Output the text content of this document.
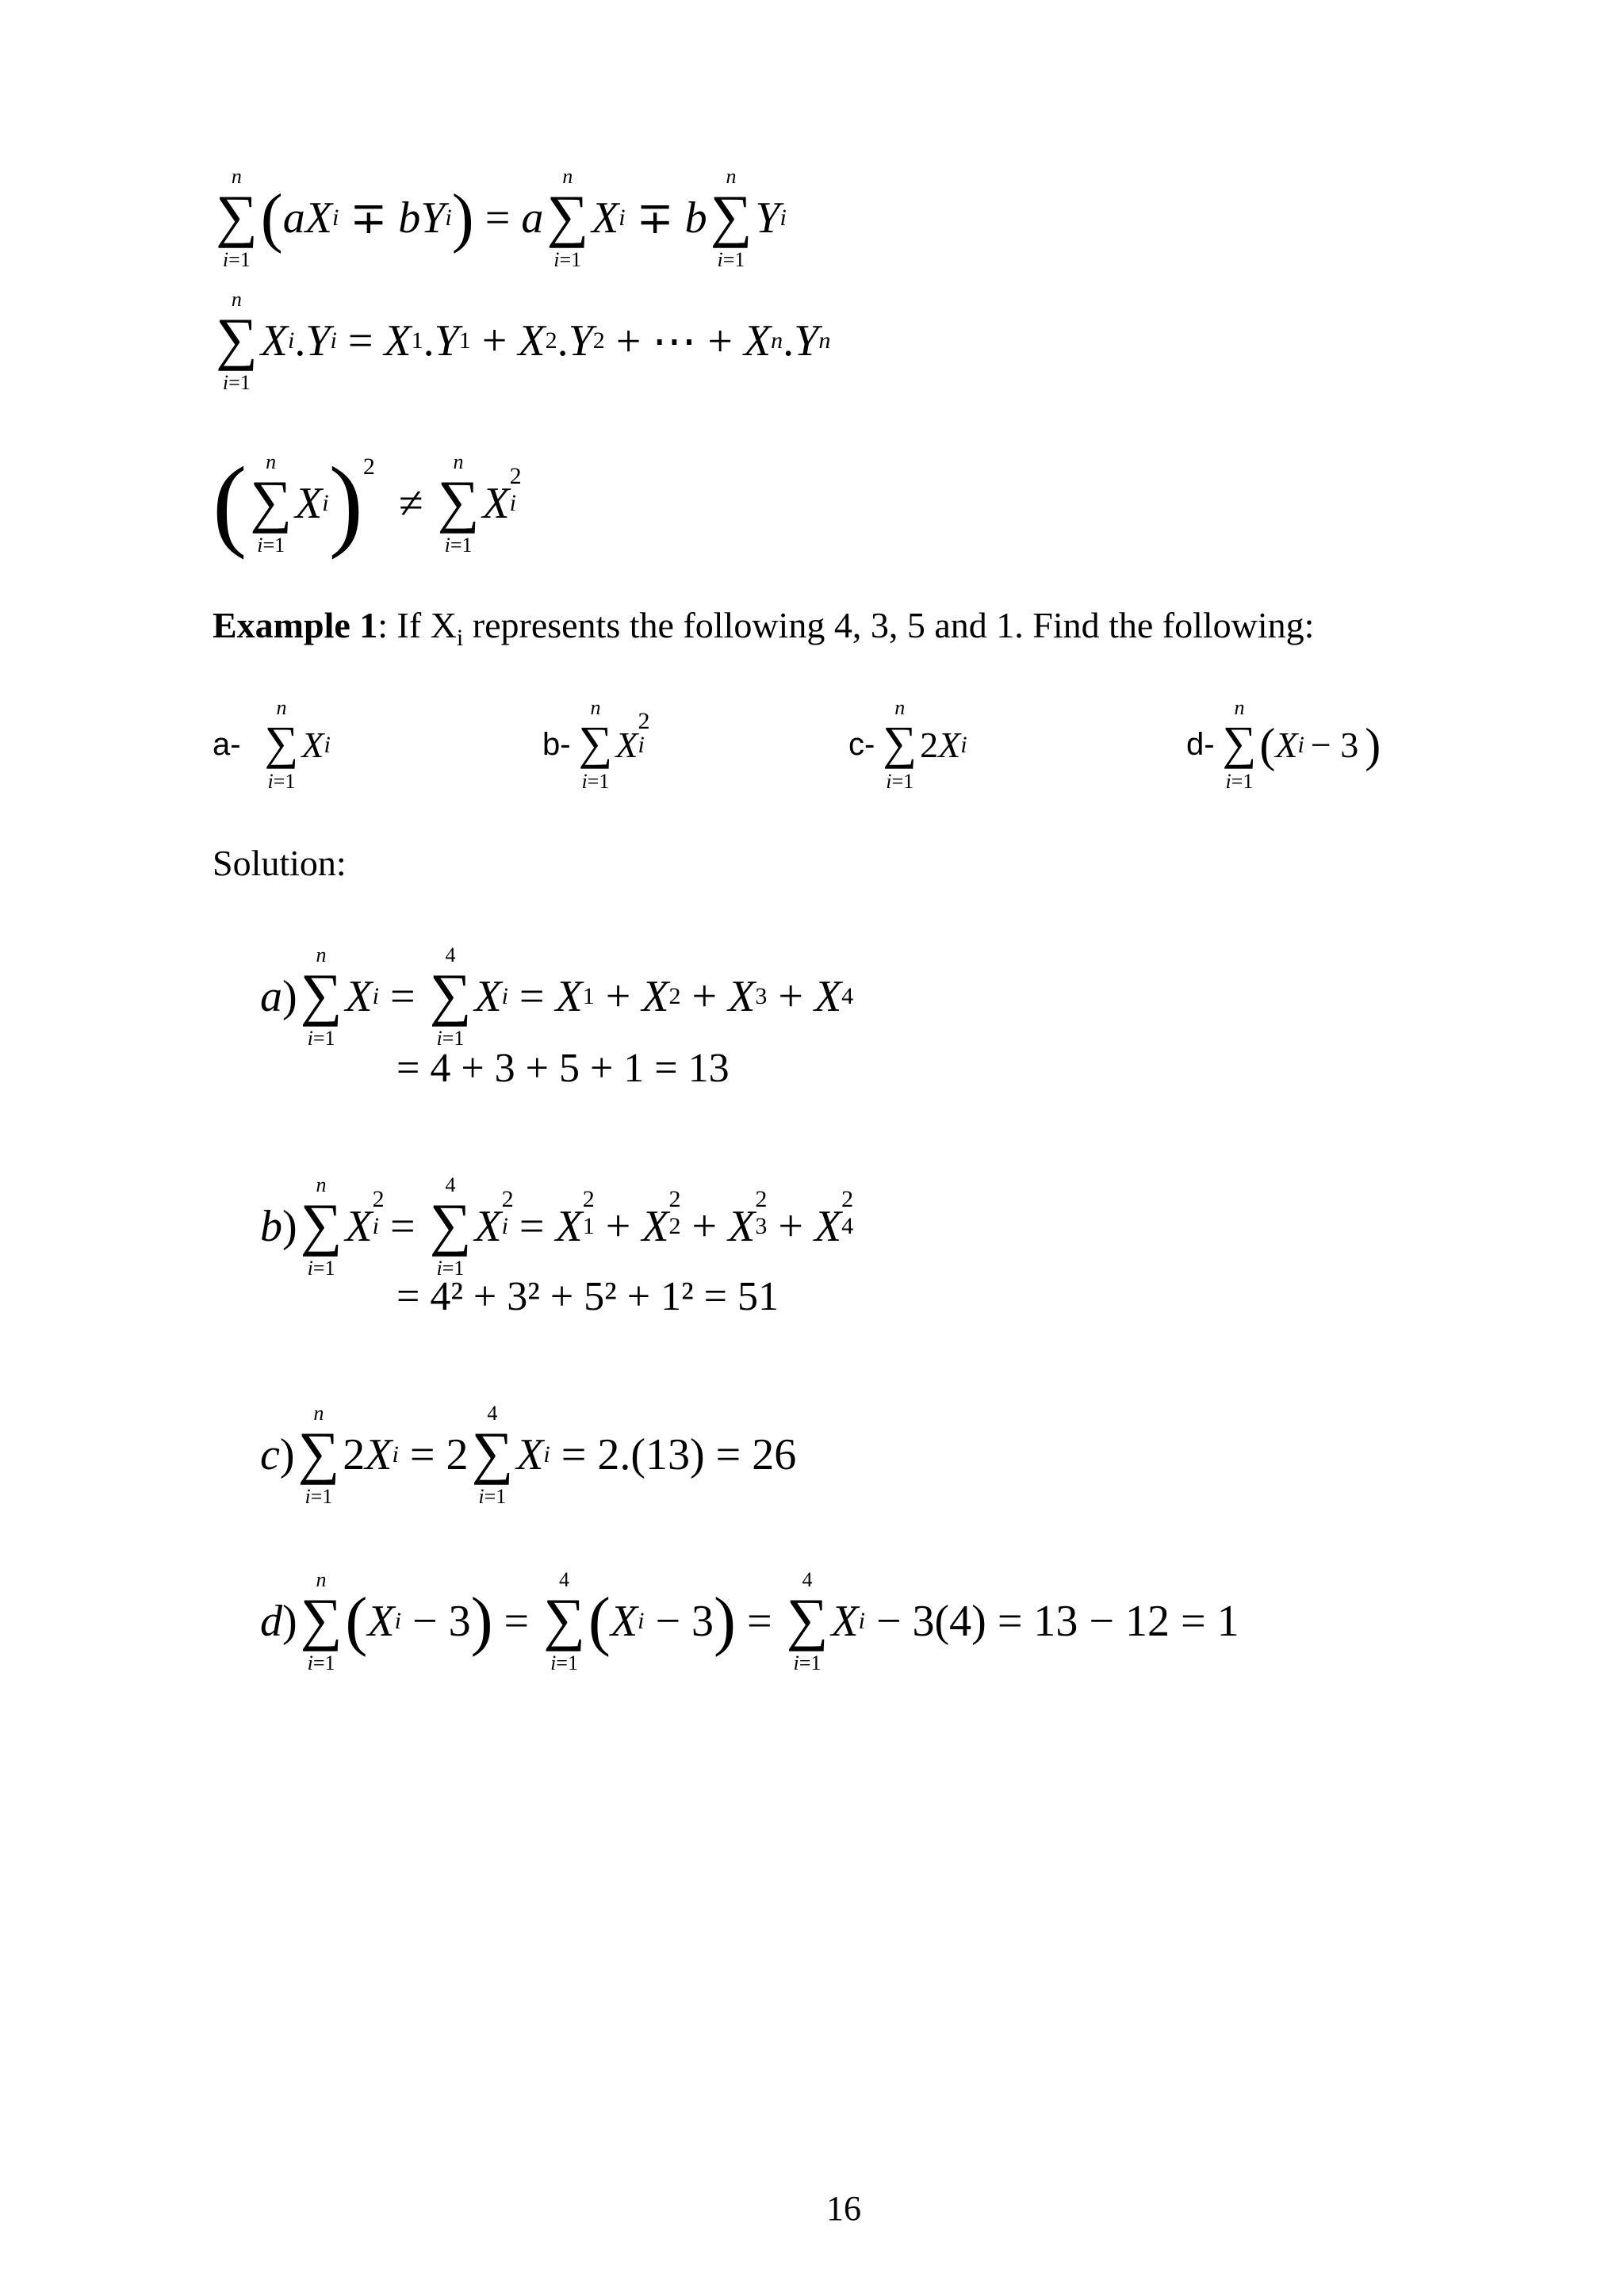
n
∑
i=1
( aX i ∓ bY i ) = a
n
∑
i=1
X i ∓ b
n
∑
i=1
Y i
n
∑
i=1
X i . Y i = X 1 . Y 1 + X 2 . Y 2 + ⋯ + X n . Y n
( n
∑
i=1
X i ) 2
≠
n
∑
i=1
X
2
i
Example 1: If $X_i$ represents the following 4, 3, 5 and 1. Find the following:
a-
n
∑
i=1
X i	b-
n
∑
i=1
X
2
i	c-
n
∑
i=1
2 X i	d-
n
∑
i=1
( X i − 3 )
Solution:
a )
n
∑
i=1
X i =
4
∑
i=1
X i = X 1 + X 2 + X 3 + X 4
= 4 + 3 + 5 + 1 = 13
b )
n
∑
i=1
X
2
i =
4
∑
i=1
X
2
i = X
2
1 + X
2
2 + X
2
3 + X
2
4
= 4² + 3² + 5² + 1² = 51
c )
n
∑
i=1
2 X i = 2
4
∑
i=1
X i = 2.(13) = 26
d )
n
∑
i=1
( X i − 3 ) =
4
∑
i=1
( X i − 3 ) =
4
∑
i=1
X i − 3(4) = 13 − 12 = 1
16
